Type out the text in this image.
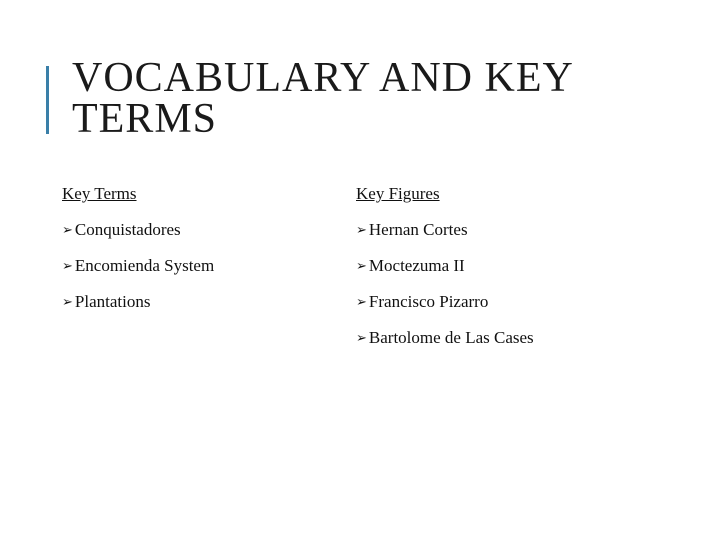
VOCABULARY AND KEY TERMS
Key Terms
➢ Conquistadores
➢ Encomienda System
➢ Plantations
Key Figures
➢ Hernan Cortes
➢ Moctezuma II
➢ Francisco Pizarro
➢ Bartolome de Las Cases
